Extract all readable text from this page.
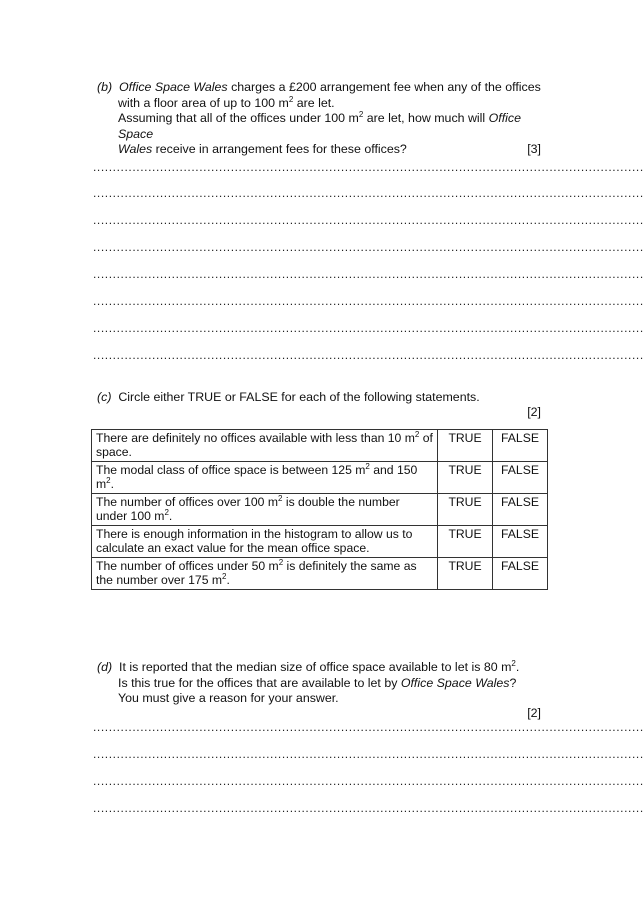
(b) Office Space Wales charges a £200 arrangement fee when any of the offices
with a floor area of up to 100 $m^2$ are let.
Assuming that all of the offices under 100 $m^2$ are let, how much will Office Space
Wales receive in arrangement fees for these offices?	[3]
............................................................................................................................................
............................................................................................................................................
............................................................................................................................................
............................................................................................................................................
............................................................................................................................................
............................................................................................................................................
............................................................................................................................................
............................................................................................................................................
(c) Circle either TRUE or FALSE for each of the following statements.
[2]
There are definitely no offices available with less than 10 $m^2$ of space.	TRUE	FALSE
The modal class of office space is between 125 $m^2$ and 150 $m^2$.	TRUE	FALSE
The number of offices over 100 $m^2$ is double the number under 100 $m^2$.	TRUE	FALSE
There is enough information in the histogram to allow us to calculate an exact value for the mean office space.	TRUE	FALSE
The number of offices under 50 $m^2$ is definitely the same as the number over 175 $m^2$.	TRUE	FALSE
(d) It is reported that the median size of office space available to let is 80 $m^2$.
Is this true for the offices that are available to let by Office Space Wales?
You must give a reason for your answer.
[2]
............................................................................................................................................
............................................................................................................................................
............................................................................................................................................
............................................................................................................................................
